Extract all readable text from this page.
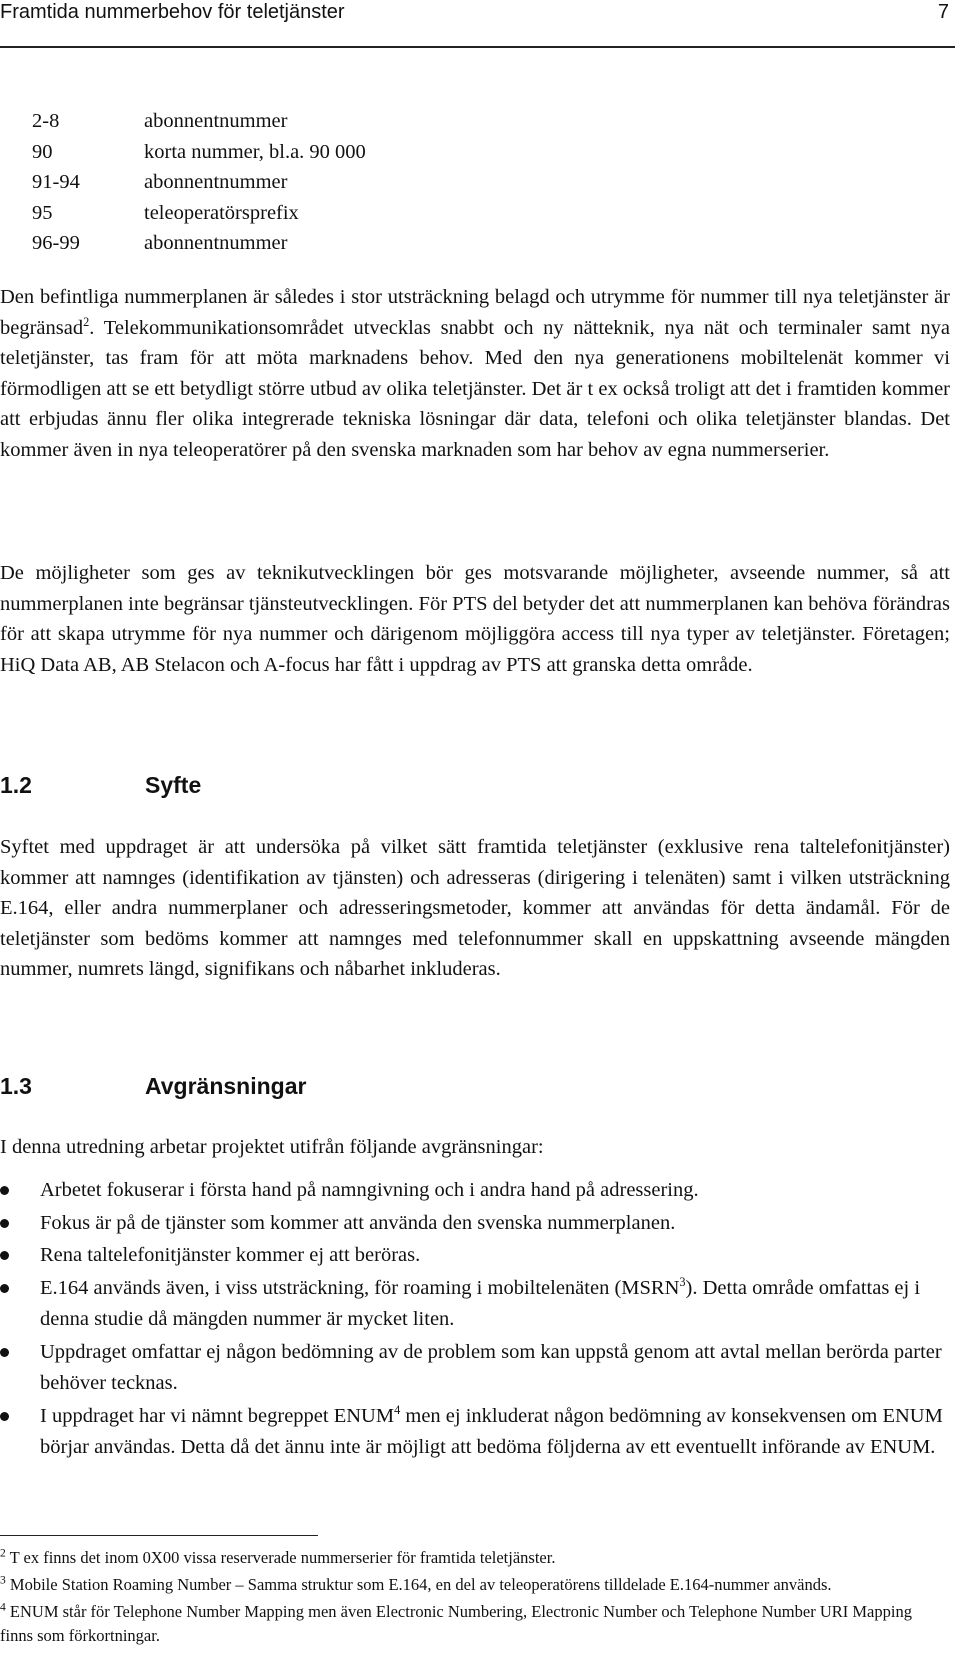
Framtida nummerbehov för teletjänster	7
2-8	abonnentnummer
90	korta nummer, bl.a. 90 000
91-94	abonnentnummer
95	teleoperatörsprefix
96-99	abonnentnummer
Den befintliga nummerplanen är således i stor utsträckning belagd och utrymme för nummer till nya teletjänster är begränsad$^2$. Telekommunikationsområdet utvecklas snabbt och ny nätteknik, nya nät och terminaler samt nya teletjänster, tas fram för att möta marknadens behov. Med den nya generationens mobiltelenät kommer vi förmodligen att se ett betydligt större utbud av olika teletjänster. Det är t ex också troligt att det i framtiden kommer att erbjudas ännu fler olika integrerade tekniska lösningar där data, telefoni och olika teletjänster blandas. Det kommer även in nya teleoperatörer på den svenska marknaden som har behov av egna nummerserier.
De möjligheter som ges av teknikutvecklingen bör ges motsvarande möjligheter, avseende nummer, så att nummerplanen inte begränsar tjänsteutvecklingen. För PTS del betyder det att nummerplanen kan behöva förändras för att skapa utrymme för nya nummer och därigenom möjliggöra access till nya typer av teletjänster. Företagen; HiQ Data AB, AB Stelacon och A-focus har fått i uppdrag av PTS att granska detta område.
1.2	Syfte
Syftet med uppdraget är att undersöka på vilket sätt framtida teletjänster (exklusive rena taltelefonitjänster) kommer att namnges (identifikation av tjänsten) och adresseras (dirigering i telenäten) samt i vilken utsträckning E.164, eller andra nummerplaner och adresseringsmetoder, kommer att användas för detta ändamål. För de teletjänster som bedöms kommer att namnges med telefonnummer skall en uppskattning avseende mängden nummer, numrets längd, signifikans och nåbarhet inkluderas.
1.3	Avgränsningar
I denna utredning arbetar projektet utifrån följande avgränsningar:
Arbetet fokuserar i första hand på namngivning och i andra hand på adressering.
Fokus är på de tjänster som kommer att använda den svenska nummerplanen.
Rena taltelefonitjänster kommer ej att beröras.
E.164 används även, i viss utsträckning, för roaming i mobiltelenäten (MSRN$^3$). Detta område omfattas ej i denna studie då mängden nummer är mycket liten.
Uppdraget omfattar ej någon bedömning av de problem som kan uppstå genom att avtal mellan berörda parter behöver tecknas.
I uppdraget har vi nämnt begreppet ENUM$^4$ men ej inkluderat någon bedömning av konsekvensen om ENUM börjar användas. Detta då det ännu inte är möjligt att bedöma följderna av ett eventuellt införande av ENUM.
$^2$ T ex finns det inom 0X00 vissa reserverade nummerserier för framtida teletjänster.
$^3$ Mobile Station Roaming Number – Samma struktur som E.164, en del av teleoperatörens tilldelade E.164-nummer används.
$^4$ ENUM står för Telephone Number Mapping men även Electronic Numbering, Electronic Number och Telephone Number URI Mapping finns som förkortningar.
